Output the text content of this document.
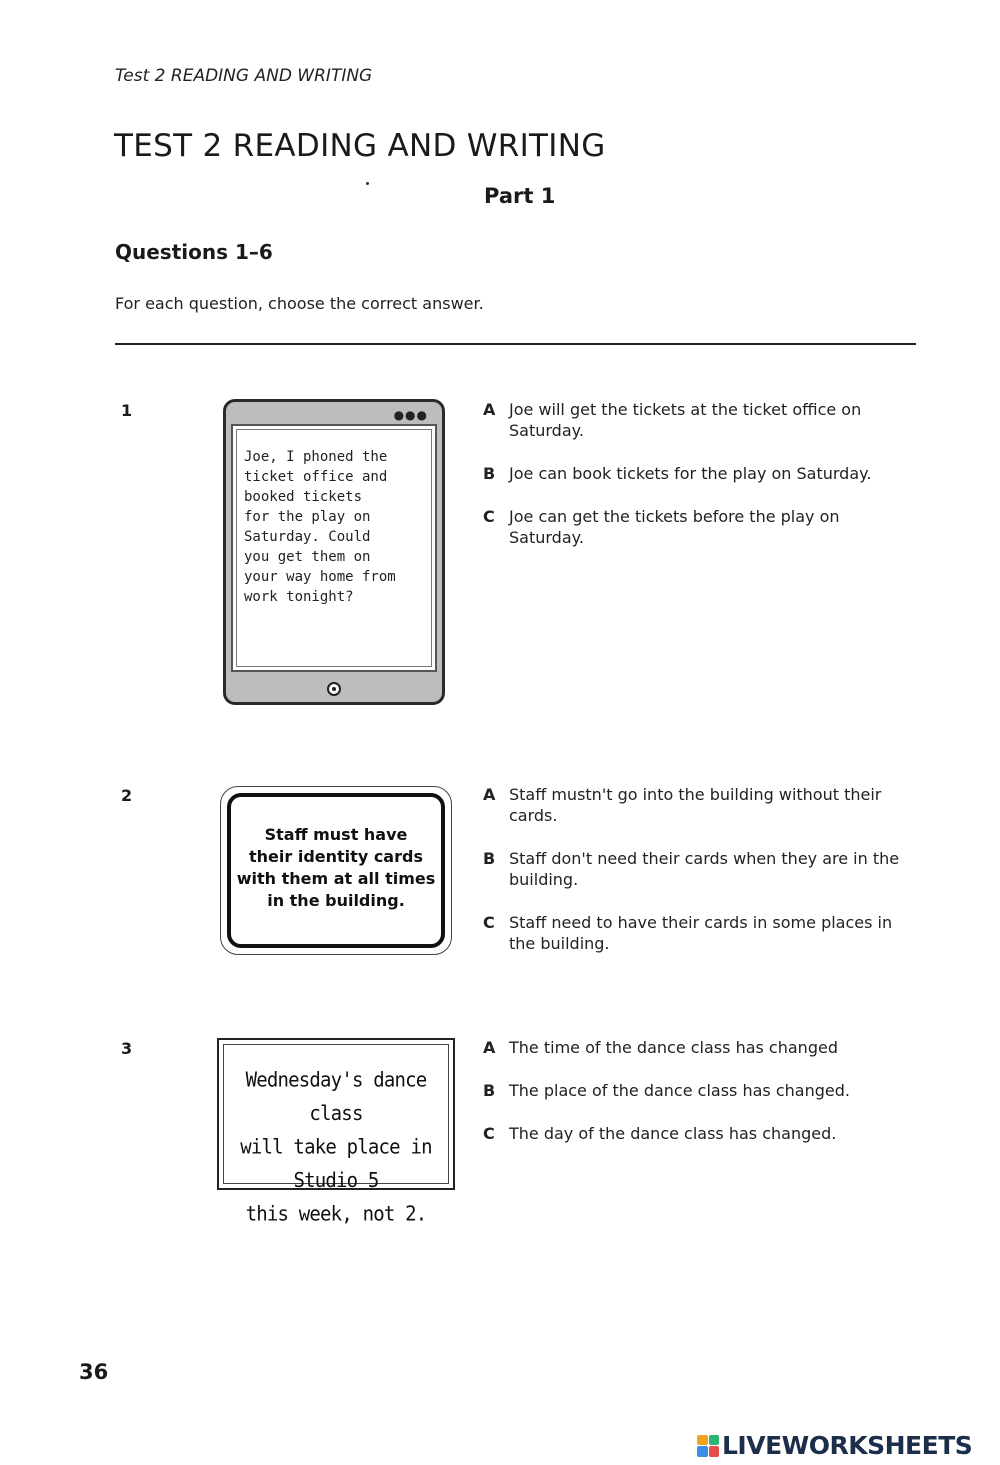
Test 2 READING AND WRITING
TEST 2 READING AND WRITING
Part 1
Questions 1–6
For each question, choose the correct answer.
1	●●●
Joe, I phoned the
ticket office and
booked tickets
for the play on
Saturday. Could
you get them on
your way home from
work tonight?
A Joe will get the tickets at the ticket office on Saturday.
B Joe can book tickets for the play on Saturday.
C Joe can get the tickets before the play on Saturday.
2
Staff must have
their identity cards
with them at all times
in the building.
A Staff mustn't go into the building without their cards.
B Staff don't need their cards when they are in the building.
C Staff need to have their cards in some places in the building.
3
Wednesday's dance class
will take place in Studio 5
this week, not 2.
A The time of the dance class has changed
B The place of the dance class has changed.
C The day of the dance class has changed.
36
LIVEWORKSHEETS
